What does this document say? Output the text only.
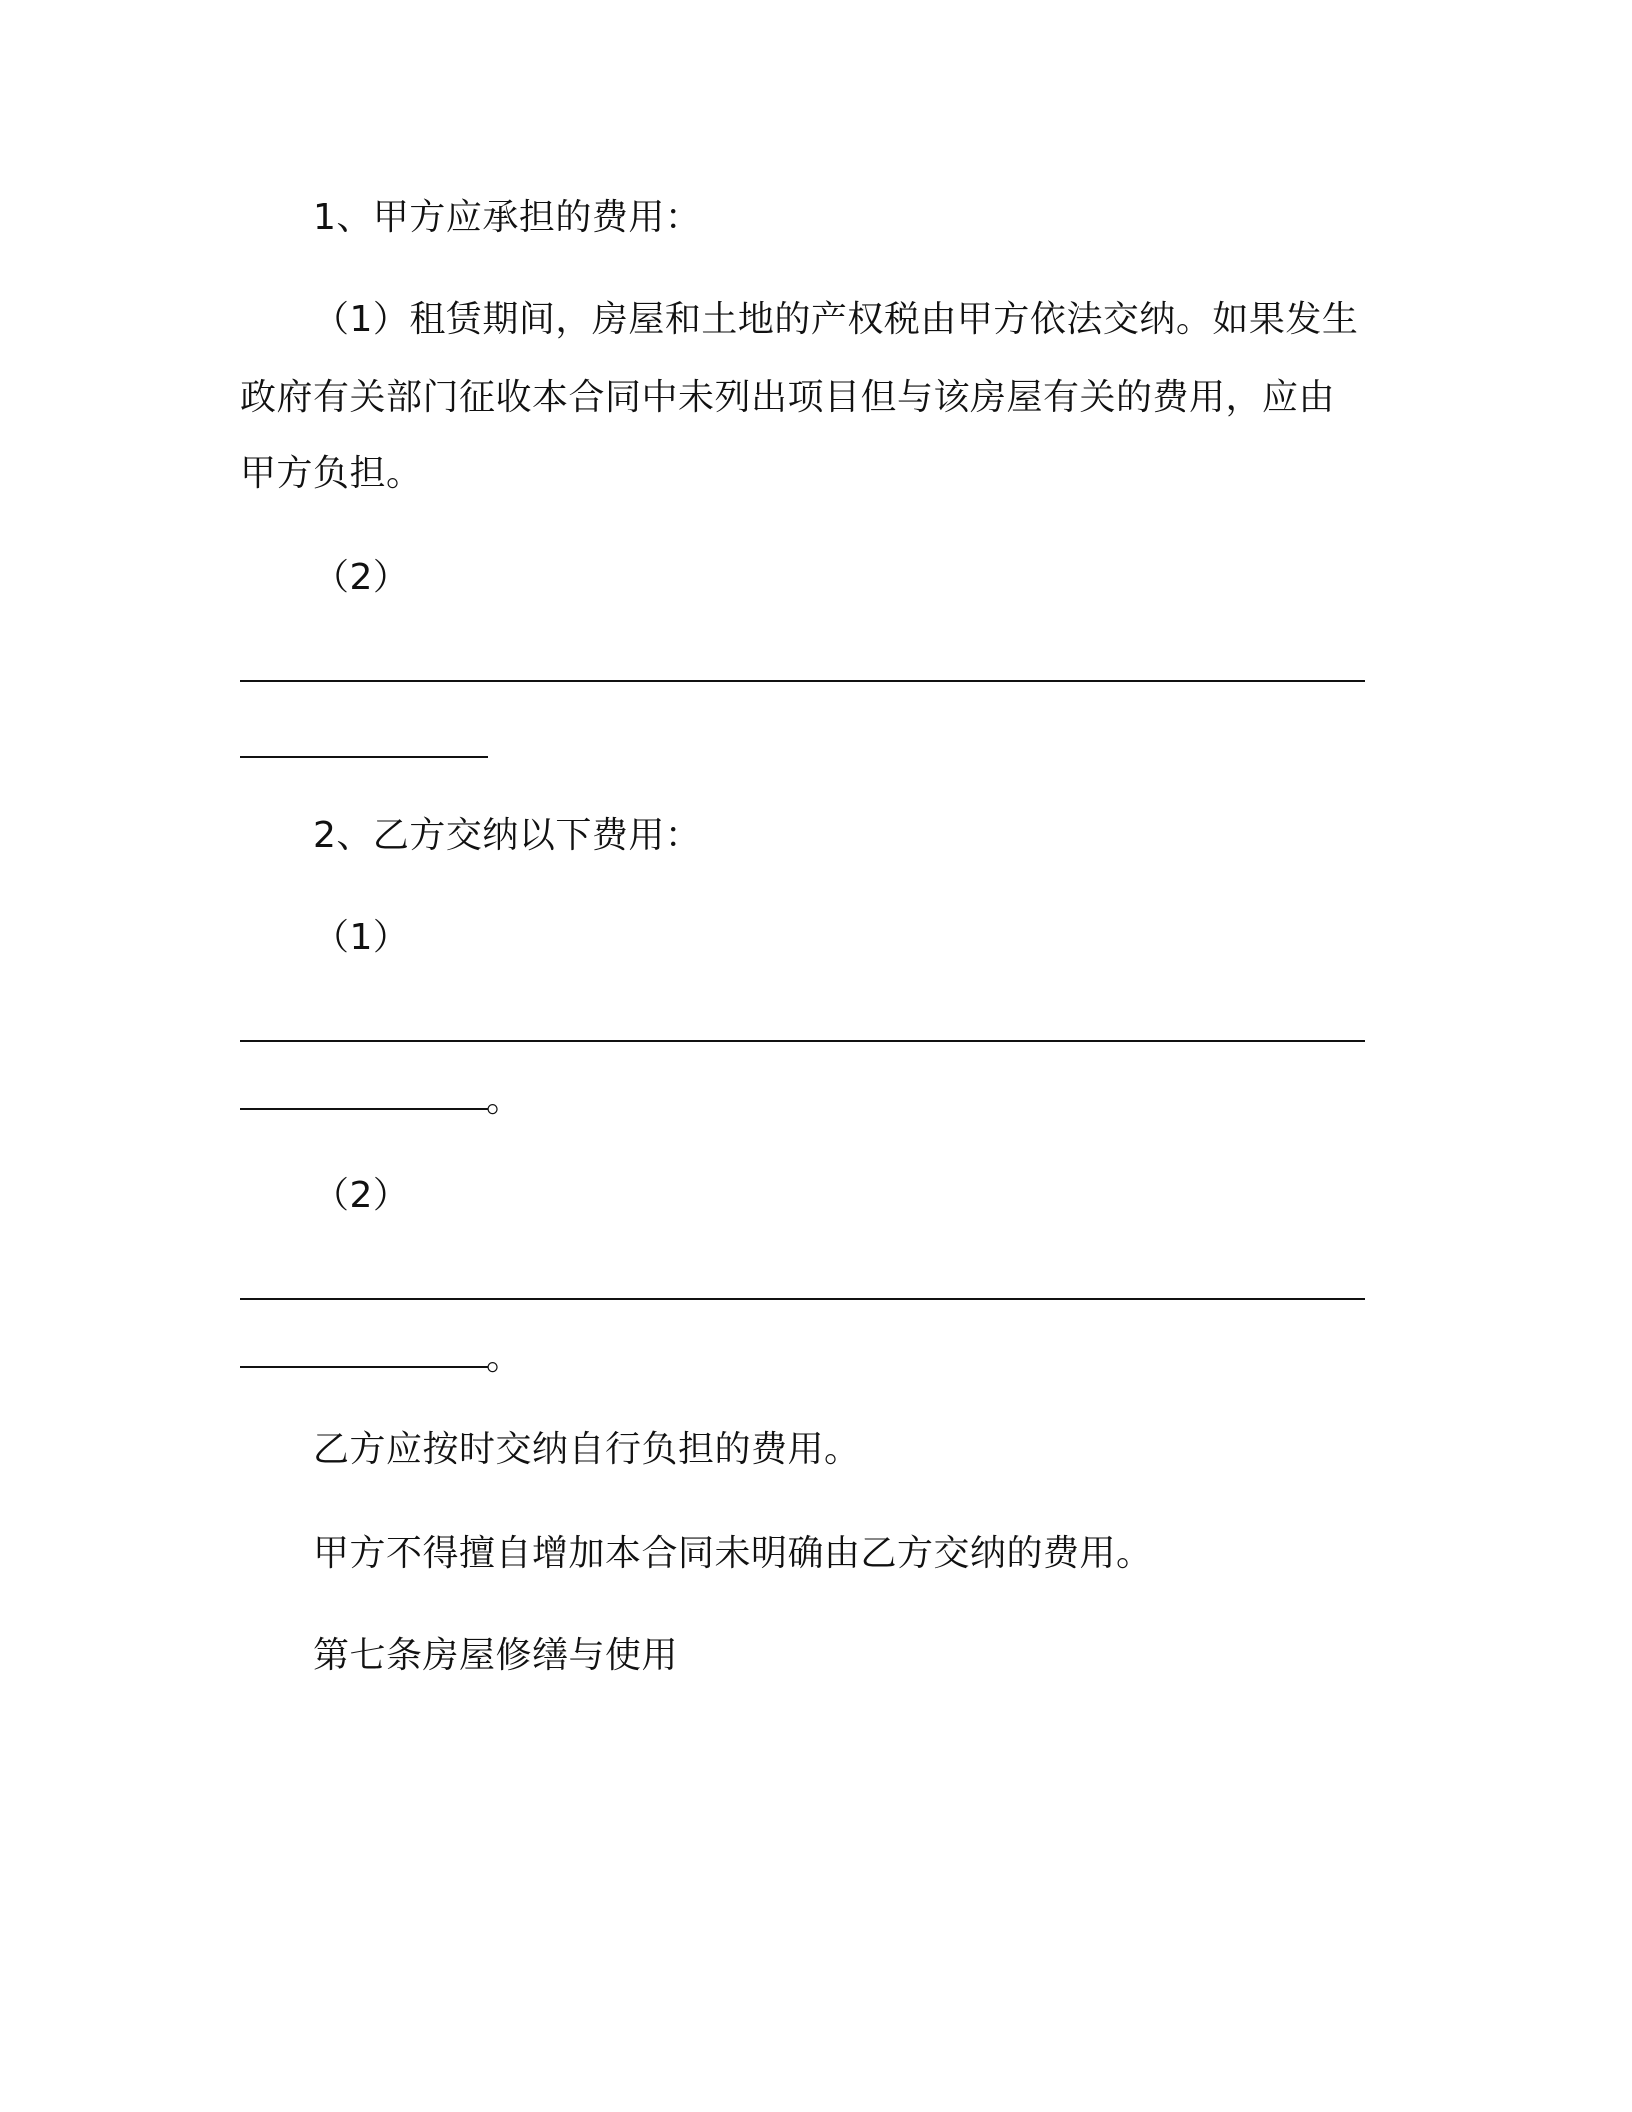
1、甲方应承担的费用：
（1）租赁期间，房屋和土地的产权税由甲方依法交纳。如果发生
政府有关部门征收本合同中未列出项目但与该房屋有关的费用，应由
甲方负担。
（2）
2、乙方交纳以下费用：
（1）
。
（2）
。
乙方应按时交纳自行负担的费用。
甲方不得擅自增加本合同未明确由乙方交纳的费用。
第七条房屋修缮与使用
